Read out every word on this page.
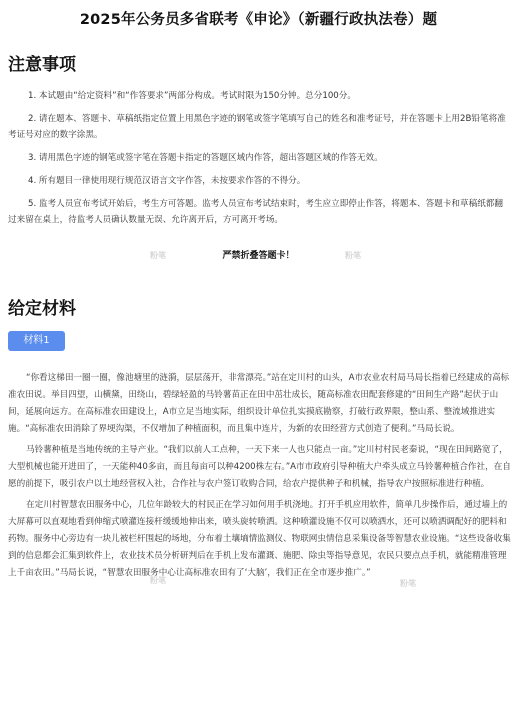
2025年公务员多省联考《申论》（新疆行政执法卷）题
注意事项

1. 本试题由“给定资料”和“作答要求”两部分构成。考试时限为150分钟。总分100分。

2. 请在题本、答题卡、草稿纸指定位置上用黑色字迹的钢笔或签字笔填写自己的姓名和准考证号，并在答题卡上用2B铅笔将准考证号对应的数字涂黑。

3. 请用黑色字迹的钢笔或签字笔在答题卡指定的答题区域内作答，超出答题区域的作答无效。

4. 所有题目一律使用现行规范汉语言文字作答，未按要求作答的不得分。

5. 监考人员宣布考试开始后，考生方可答题。监考人员宣布考试结束时，考生应立即停止作答，将题本、答题卡和草稿纸都翻过来留在桌上，待监考人员确认数量无误、允许离开后，方可离开考场。

严禁折叠答题卡！
给定材料
材料1

“你看这梯田一圈一圈，像池塘里的涟漪，层层荡开，非常漂亮。”站在定川村的山头，A市农业农村局马局长指着已经建成的高标准农田说。举目四望，山横黛，田绕山，碧绿轻盈的马铃薯苗正在田中茁壮成长，随高标准农田配套修建的“田间生产路”起伏于山间，延展向远方。在高标准农田建设上，A市立足当地实际，组织设计单位扎实摸底勘察，打破行政界限，整山系、整流域推进实施。“高标准农田消除了界埂沟渠，不仅增加了种植面积，而且集中连片，为新的农田经营方式创造了便利。”马局长说。

马铃薯种植是当地传统的主导产业。“我们以前人工点种，一天下来一人也只能点一亩。”定川村村民老秦说，“现在田间路宽了，大型机械也能开进田了，一天能种40多亩，而且每亩可以种4200株左右。”A市市政府引导种植大户牵头成立马铃薯种植合作社，在自愿的前提下，吸引农户以土地经营权入社，合作社与农户签订收购合同，给农户提供种子和机械，指导农户按照标准进行种植。

在定川村智慧农田服务中心，几位年龄较大的村民正在学习如何用手机浇地。打开手机应用软件，简单几步操作后，通过墙上的大屏幕可以直观地看到伸缩式喷灌连接杆缓缓地伸出来，喷头旋转喷洒。这种喷灌设施不仅可以喷洒水，还可以喷洒调配好的肥料和药物。服务中心旁边有一块儿被栏杆围起的场地，分布着土壤墒情监测仪、物联网虫情信息采集设备等智慧农业设施。“这些设备收集到的信息都会汇集到软件上，农业技术员分析研判后在手机上发布灌溉、施肥、除虫等指导意见，农民只要点点手机，就能精准管理上千亩农田。”马局长说，“智慧农田服务中心让高标准农田有了‘大脑’，我们正在全市逐步推广。”

粉笔	粉笔
粉笔	粉笔
